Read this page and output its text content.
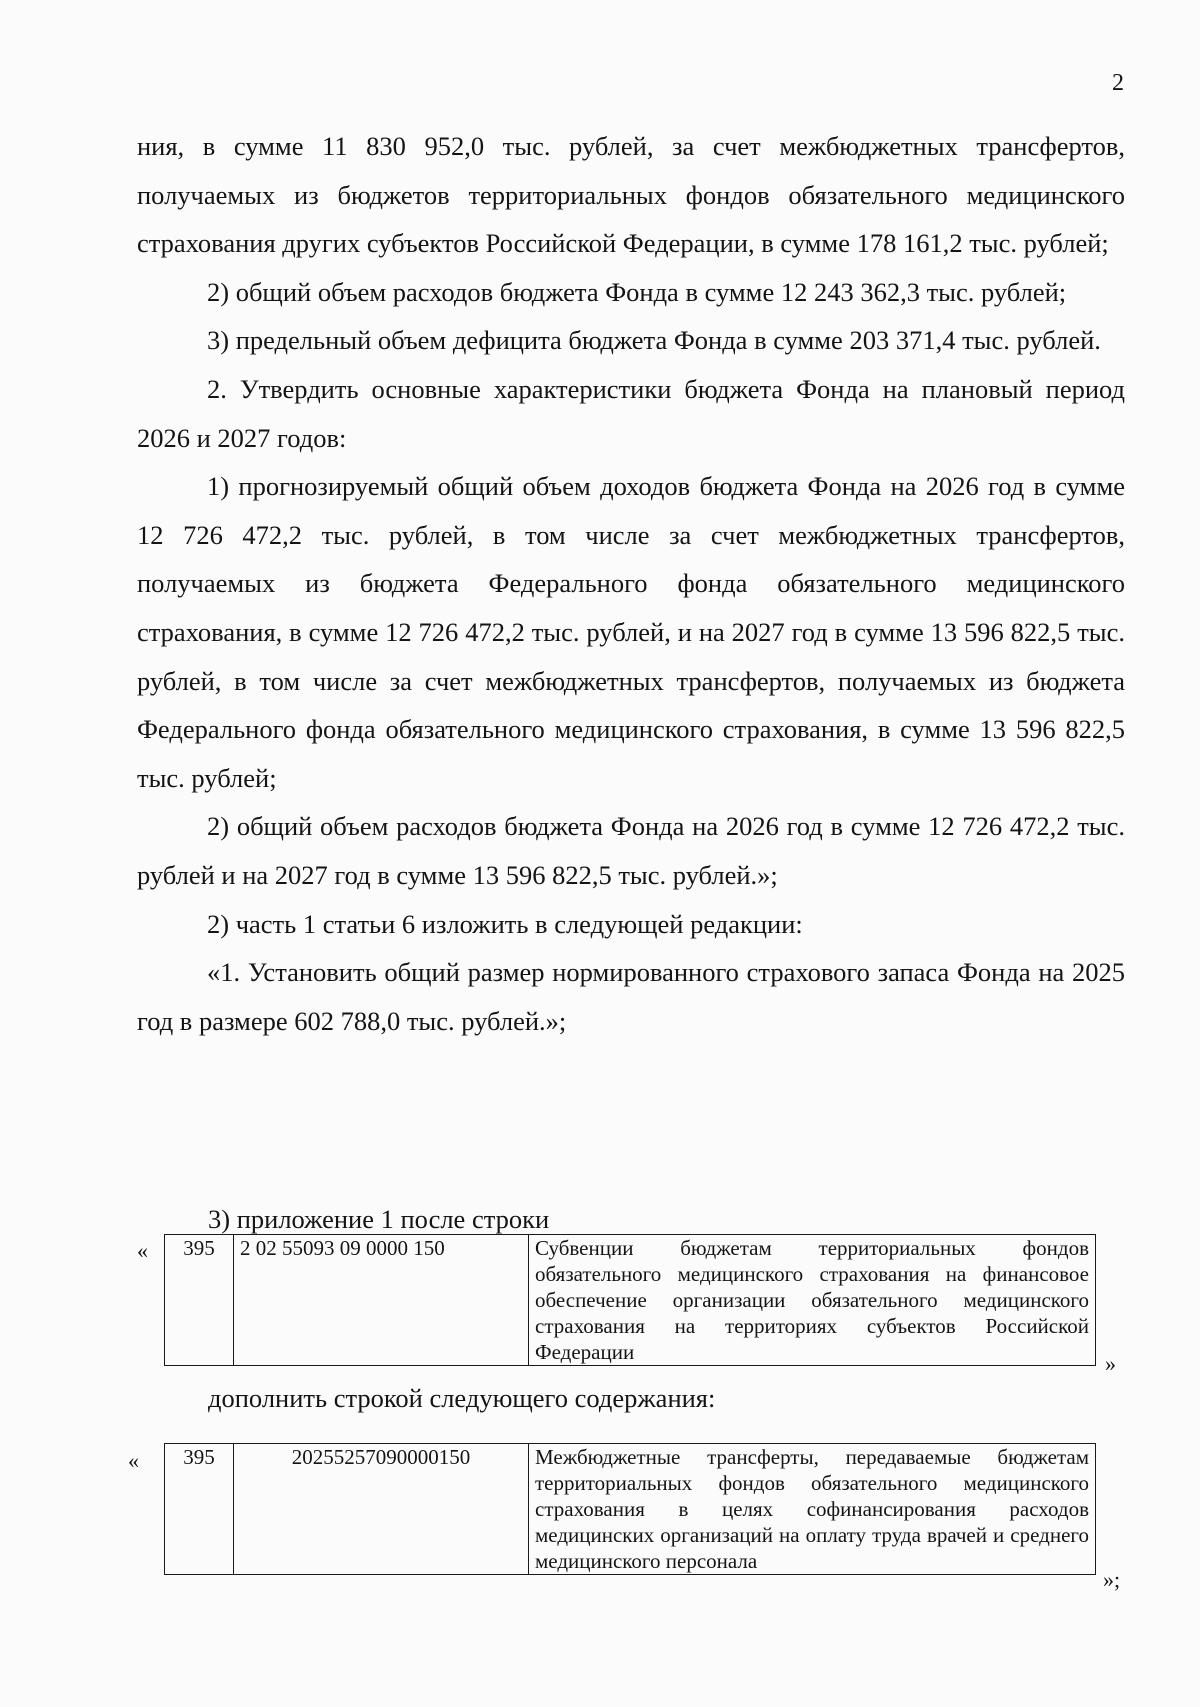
2

ния, в сумме 11 830 952,0 тыс. рублей, за счет межбюджетных трансфертов, получаемых из бюджетов территориальных фондов обязательного медицинского страхования других субъектов Российской Федерации, в сумме 178 161,2 тыс. рублей;

2) общий объем расходов бюджета Фонда в сумме 12 243 362,3 тыс. рублей;

3) предельный объем дефицита бюджета Фонда в сумме 203 371,4 тыс. рублей.

2. Утвердить основные характеристики бюджета Фонда на плановый период 2026 и 2027 годов:

1) прогнозируемый общий объем доходов бюджета Фонда на 2026 год в сумме 12 726 472,2 тыс. рублей, в том числе за счет межбюджетных трансфертов, получаемых из бюджета Федерального фонда обязательного медицинского страхования, в сумме 12 726 472,2 тыс. рублей, и на 2027 год в сумме 13 596 822,5 тыс. рублей, в том числе за счет межбюджетных трансфертов, получаемых из бюджета Федерального фонда обязательного медицинского страхования, в сумме 13 596 822,5 тыс. рублей;

2) общий объем расходов бюджета Фонда на 2026 год в сумме 12 726 472,2 тыс. рублей и на 2027 год в сумме 13 596 822,5 тыс. рублей.»;

2) часть 1 статьи 6 изложить в следующей редакции:

«1. Установить общий размер нормированного страхового запаса Фонда на 2025 год в размере 602 788,0 тыс. рублей.»;

3) приложение 1 после строки
« 395	2 02 55093 09 0000 150	Субвенции бюджетам территориальных фондов обязательного медицинского страхования на финансовое обеспечение организации обязательного медицинского страхования на территориях субъектов Российской Федерации	»
дополнить строкой следующего содержания:
« 395	20255257090000150	Межбюджетные трансферты, передаваемые бюджетам территориальных фондов обязательного медицинского страхования в целях софинансирования расходов медицинских организаций на оплату труда врачей и среднего медицинского персонала
»;
